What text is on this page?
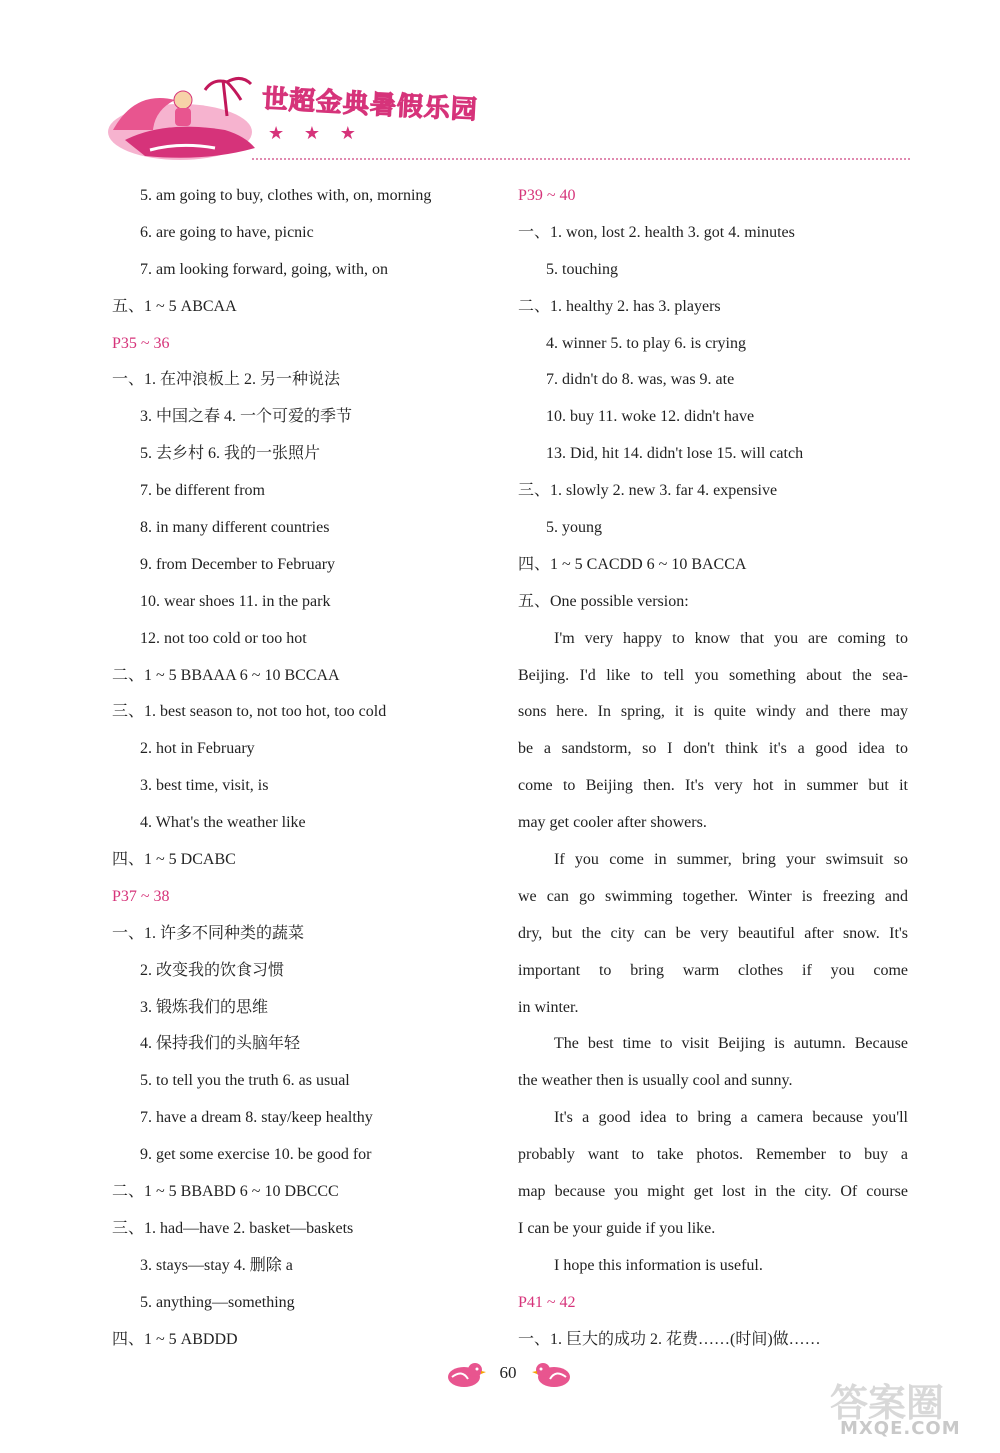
世超金典暑假乐园
★ ★ ★
5. am going to buy, clothes with, on, morning
6. are going to have, picnic
7. am looking forward, going, with, on
五、1 ~ 5 ABCAA
P35 ~ 36
一、1. 在冲浪板上 2. 另一种说法
3. 中国之春 4. 一个可爱的季节
5. 去乡村 6. 我的一张照片
7. be different from
8. in many different countries
9. from December to February
10. wear shoes 11. in the park
12. not too cold or too hot
二、1 ~ 5 BBAAA 6 ~ 10 BCCAA
三、1. best season to, not too hot, too cold
2. hot in February
3. best time, visit, is
4. What's the weather like
四、1 ~ 5 DCABC
P37 ~ 38
一、1. 许多不同种类的蔬菜
2. 改变我的饮食习惯
3. 锻炼我们的思维
4. 保持我们的头脑年轻
5. to tell you the truth 6. as usual
7. have a dream 8. stay/keep healthy
9. get some exercise 10. be good for
二、1 ~ 5 BBABD 6 ~ 10 DBCCC
三、1. had—have 2. basket—baskets
3. stays—stay 4. 删除 a
5. anything—something
四、1 ~ 5 ABDDD
P39 ~ 40
一、1. won, lost 2. health 3. got 4. minutes
5. touching
二、1. healthy 2. has 3. players
4. winner 5. to play 6. is crying
7. didn't do 8. was, was 9. ate
10. buy 11. woke 12. didn't have
13. Did, hit 14. didn't lose 15. will catch
三、1. slowly 2. new 3. far 4. expensive
5. young
四、1 ~ 5 CACDD 6 ~ 10 BACCA
五、One possible version:
I'm very happy to know that you are coming to
Beijing. I'd like to tell you something about the sea-
sons here. In spring, it is quite windy and there may
be a sandstorm, so I don't think it's a good idea to
come to Beijing then. It's very hot in summer but it
may get cooler after showers.
If you come in summer, bring your swimsuit so
we can go swimming together. Winter is freezing and
dry, but the city can be very beautiful after snow. It's
important to bring warm clothes if you come
in winter.
The best time to visit Beijing is autumn. Because
the weather then is usually cool and sunny.
It's a good idea to bring a camera because you'll
probably want to take photos. Remember to buy a
map because you might get lost in the city. Of course
I can be your guide if you like.
I hope this information is useful.
P41 ~ 42
一、1. 巨大的成功 2. 花费……(时间)做……
60
答案圈
MXQE.COM
